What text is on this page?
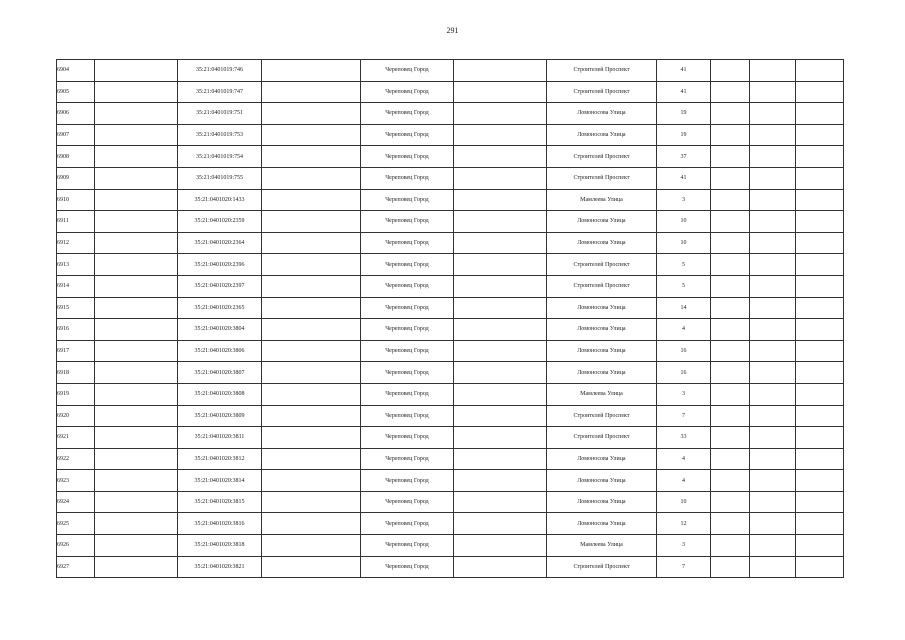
291
6904		35:21:0401019:746		Череповец Город		Строителей Проспект	41			
6905		35:21:0401019:747		Череповец Город		Строителей Проспект	41			
6906		35:21:0401019:751		Череповец Город		Ломоносова Улица	19			
6907		35:21:0401019:753		Череповец Город		Ломоносова Улица	19			
6908		35:21:0401019:754		Череповец Город		Строителей Проспект	37			
6909		35:21:0401019:755		Череповец Город		Строителей Проспект	41			
6910		35:21:0401020:1433		Череповец Город		Мамлеева Улица	3			
6911		35:21:0401020:2359		Череповец Город		Ломоносова Улица	10			
6912		35:21:0401020:2364		Череповец Город		Ломоносова Улица	10			
6913		35:21:0401020:2396		Череповец Город		Строителей Проспект	5			
6914		35:21:0401020:2397		Череповец Город		Строителей Проспект	5			
6915		35:21:0401020:2365		Череповец Город		Ломоносова Улица	14			
6916		35:21:0401020:3804		Череповец Город		Ломоносова Улица	4			
6917		35:21:0401020:3806		Череповец Город		Ломоносова Улица	16			
6918		35:21:0401020:3807		Череповец Город		Ломоносова Улица	16			
6919		35:21:0401020:3808		Череповец Город		Мамлеева Улица	3			
6920		35:21:0401020:3809		Череповец Город		Строителей Проспект	7			
6921		35:21:0401020:3811		Череповец Город		Строителей Проспект	33			
6922		35:21:0401020:3812		Череповец Город		Ломоносова Улица	4			
6923		35:21:0401020:3814		Череповец Город		Ломоносова Улица	4			
6924		35:21:0401020:3815		Череповец Город		Ломоносова Улица	10			
6925		35:21:0401020:3816		Череповец Город		Ломоносова Улица	12			
6926		35:21:0401020:3818		Череповец Город		Мамлеева Улица	3			
6927		35:21:0401020:3821		Череповец Город		Строителей Проспект	7			
